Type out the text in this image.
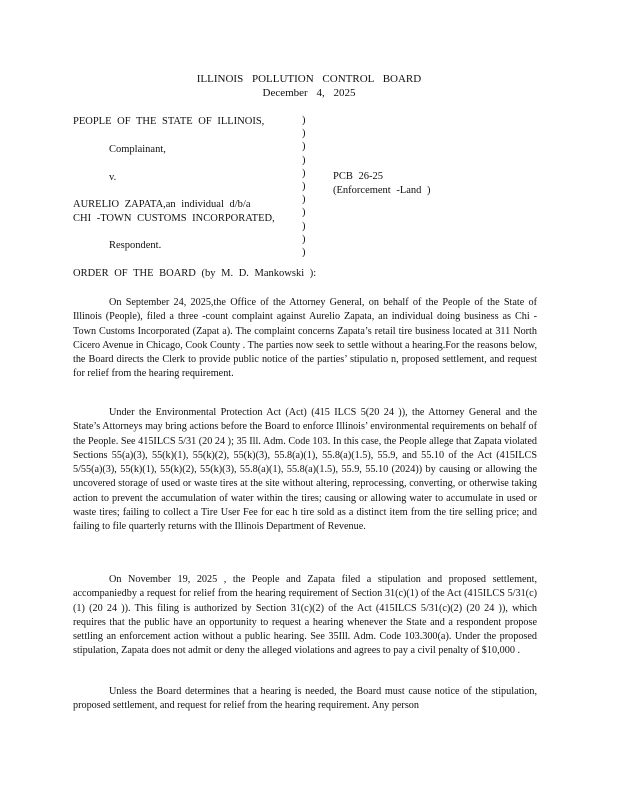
ILLINOIS POLLUTION CONTROL BOARD
December 4, 2025
PEOPLE OF THE STATE OF ILLINOIS,
Complainant,
v.
AURELIO ZAPATA,an individual d/b/a
CHI -TOWN CUSTOMS INCORPORATED,
Respondent.
)
)
)
)
)
)
)
)
)
)
)
PCB 26-25
(Enforcement -Land )
ORDER OF THE BOARD (by M. D. Mankowski ):

On September 24, 2025,the Office of the Attorney General, on behalf of the People of the State of Illinois (People), filed a three -count complaint against Aurelio Zapata, an individual doing business as Chi -Town Customs Incorporated (Zapat a). The complaint concerns Zapata’s retail tire business located at 311 North Cicero Avenue in Chicago, Cook County . The parties now seek to settle without a hearing.For the reasons below, the Board directs the Clerk to provide public notice of the parties’ stipulatio n, proposed settlement, and request for relief from the hearing requirement.

Under the Environmental Protection Act (Act) (415 ILCS 5(20 24 )), the Attorney General and the State’s Attorneys may bring actions before the Board to enforce Illinois’ environmental requirements on behalf of the People. See 415ILCS 5/31 (20 24 ); 35 Ill. Adm. Code 103. In this case, the People allege that Zapata violated Sections 55(a)(3), 55(k)(1), 55(k)(2), 55(k)(3), 55.8(a)(1), 55.8(a)(1.5), 55.9, and 55.10 of the Act (415ILCS 5/55(a)(3), 55(k)(1), 55(k)(2), 55(k)(3), 55.8(a)(1), 55.8(a)(1.5), 55.9, 55.10 (2024)) by causing or allowing the uncovered storage of used or waste tires at the site without altering, reprocessing, converting, or otherwise taking action to prevent the accumulation of water within the tires; causing or allowing water to accumulate in used or waste tires; failing to collect a Tire User Fee for eac h tire sold as a distinct item from the tire selling price; and failing to file quarterly returns with the Illinois Department of Revenue.

On November 19, 2025 , the People and Zapata filed a stipulation and proposed settlement, accompaniedby a request for relief from the hearing requirement of Section 31(c)(1) of the Act (415ILCS 5/31(c)(1) (20 24 )). This filing is authorized by Section 31(c)(2) of the Act (415ILCS 5/31(c)(2) (20 24 )), which requires that the public have an opportunity to request a hearing whenever the State and a respondent propose settling an enforcement action without a public hearing. See 35Ill. Adm. Code 103.300(a). Under the proposed stipulation, Zapata does not admit or deny the alleged violations and agrees to pay a civil penalty of $10,000 .

Unless the Board determines that a hearing is needed, the Board must cause notice of the stipulation, proposed settlement, and request for relief from the hearing requirement. Any person
